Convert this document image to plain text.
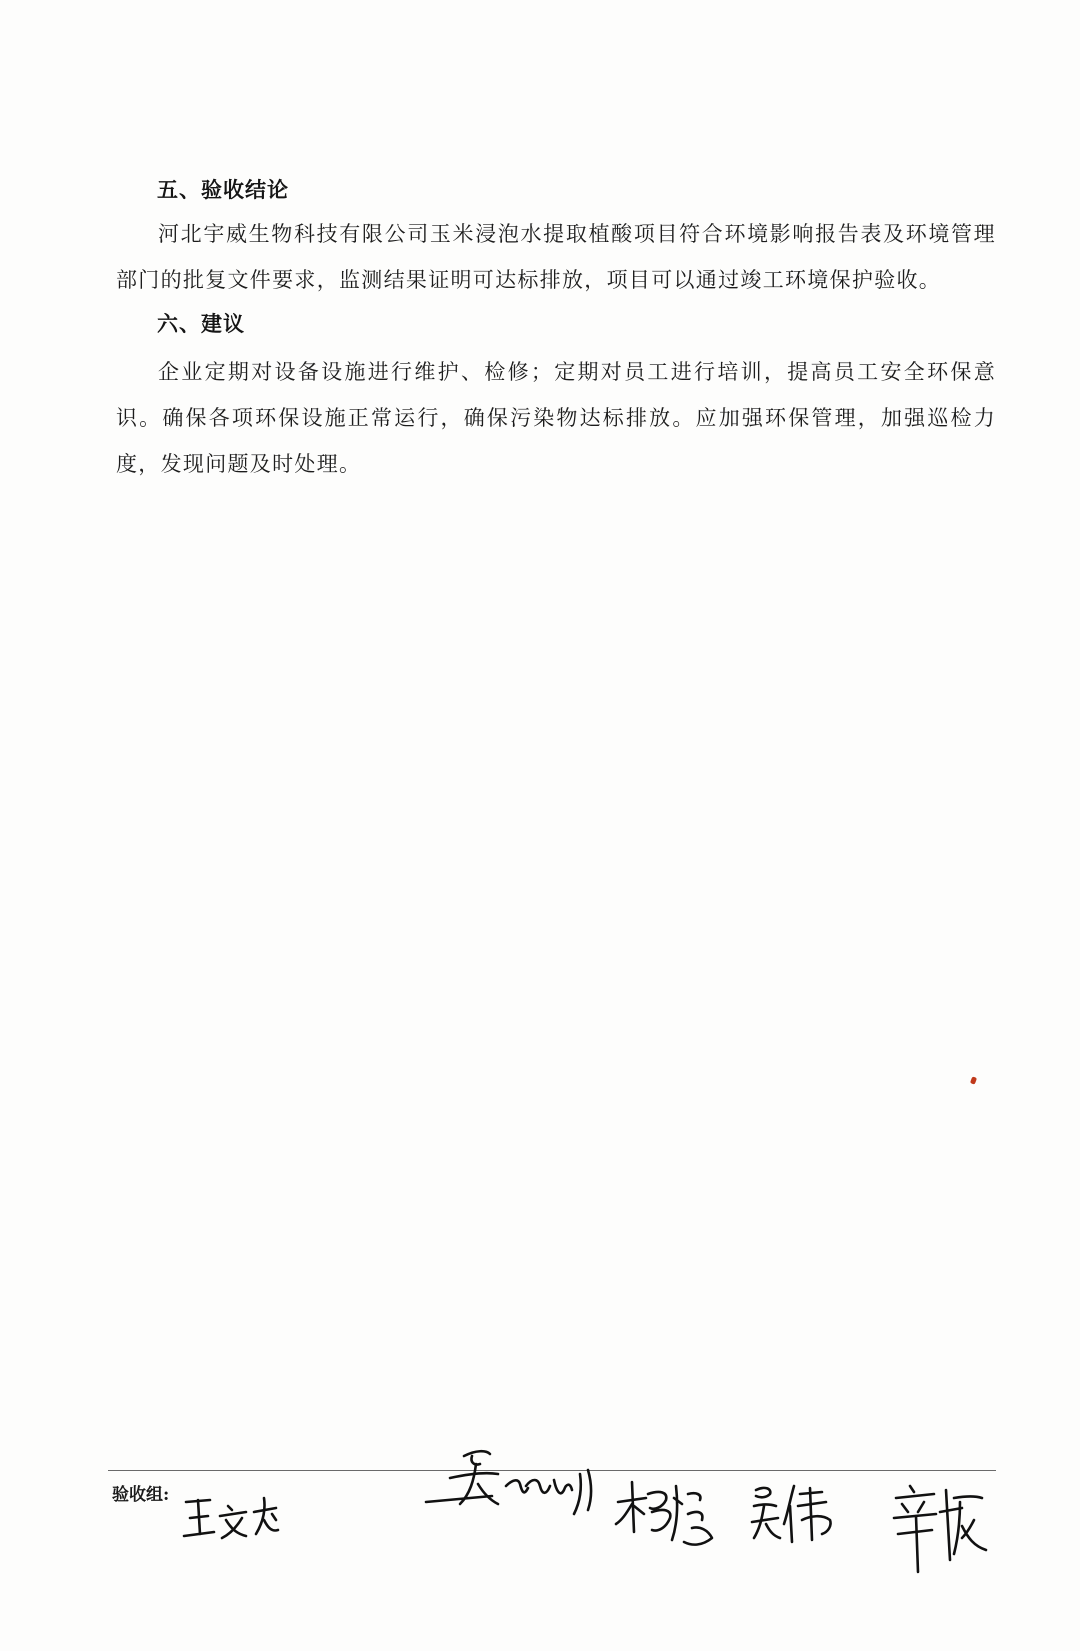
五、验收结论

河北宇威生物科技有限公司玉米浸泡水提取植酸项目符合环境影响报告表及环境管理部门的批复文件要求，监测结果证明可达标排放，项目可以通过竣工环境保护验收。

六、建议

企业定期对设备设施进行维护、检修；定期对员工进行培训，提高员工安全环保意识。确保各项环保设施正常运行，确保污染物达标排放。应加强环保管理，加强巡检力度，发现问题及时处理。

验收组:
